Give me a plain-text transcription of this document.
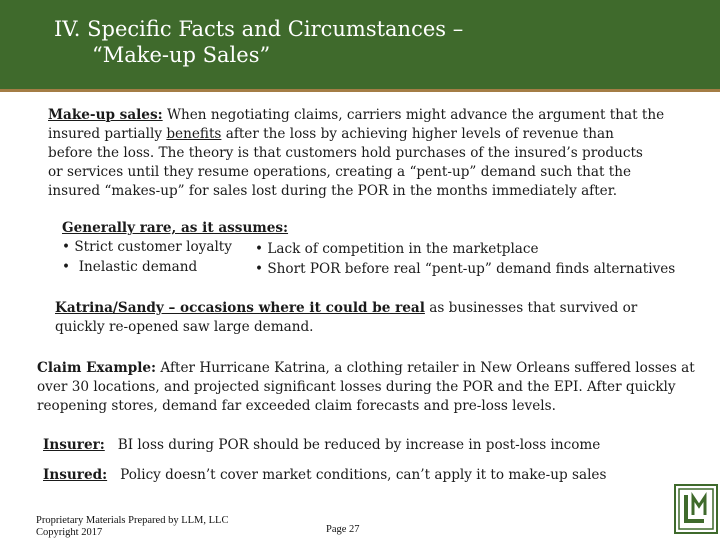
IV. Specific Facts and Circumstances –
“Make-up Sales”
Make-up sales: When negotiating claims, carriers might advance the argument that the
insured partially benefits after the loss by achieving higher levels of revenue than
before the loss. The theory is that customers hold purchases of the insured’s products
or services until they resume operations, creating a “pent-up” demand such that the
insured “makes-up” for sales lost during the POR in the months immediately after.
Generally rare, as it assumes:
• Strict customer loyalty
• Inelastic demand
• Lack of competition in the marketplace
• Short POR before real “pent-up” demand finds alternatives
Katrina/Sandy – occasions where it could be real as businesses that survived or
quickly re-opened saw large demand.
Claim Example: After Hurricane Katrina, a clothing retailer in New Orleans suffered losses at
over 30 locations, and projected significant losses during the POR and the EPI. After quickly
reopening stores, demand far exceeded claim forecasts and pre-loss levels.
Insurer: BI loss during POR should be reduced by increase in post-loss income
Insured: Policy doesn’t cover market conditions, can’t apply it to make-up sales
Proprietary Materials Prepared by LLM, LLC
Copyright 2017	Page 27
